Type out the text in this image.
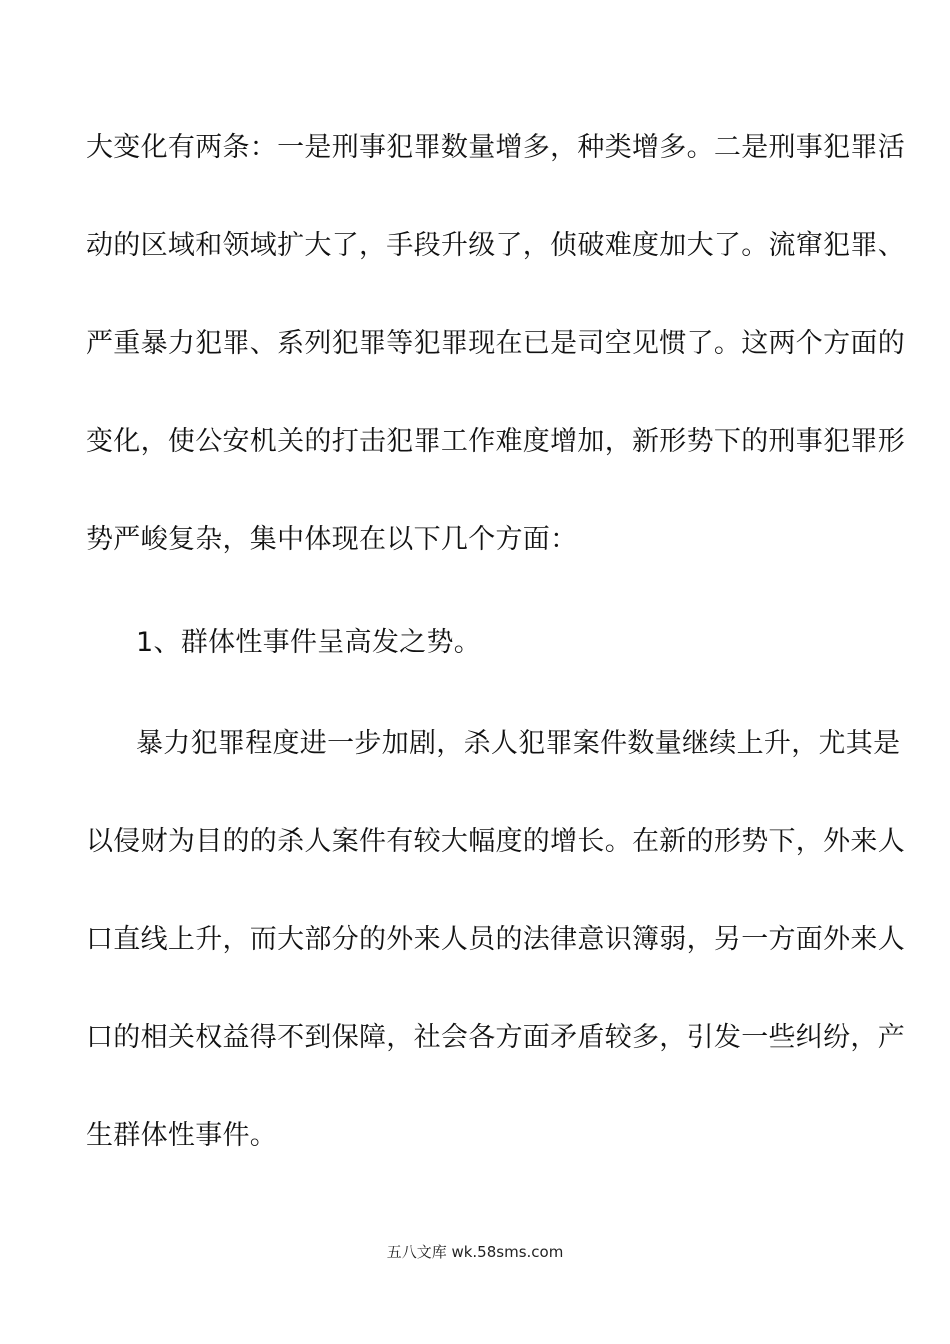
大变化有两条：一是刑事犯罪数量增多，种类增多。二是刑事犯罪活
动的区域和领域扩大了，手段升级了，侦破难度加大了。流窜犯罪、
严重暴力犯罪、系列犯罪等犯罪现在已是司空见惯了。这两个方面的
变化，使公安机关的打击犯罪工作难度增加，新形势下的刑事犯罪形
势严峻复杂，集中体现在以下几个方面：
1、群体性事件呈高发之势。
暴力犯罪程度进一步加剧，杀人犯罪案件数量继续上升，尤其是
以侵财为目的的杀人案件有较大幅度的增长。在新的形势下，外来人
口直线上升，而大部分的外来人员的法律意识簿弱，另一方面外来人
口的相关权益得不到保障，社会各方面矛盾较多，引发一些纠纷，产
生群体性事件。
五八文库 wk.58sms.com
